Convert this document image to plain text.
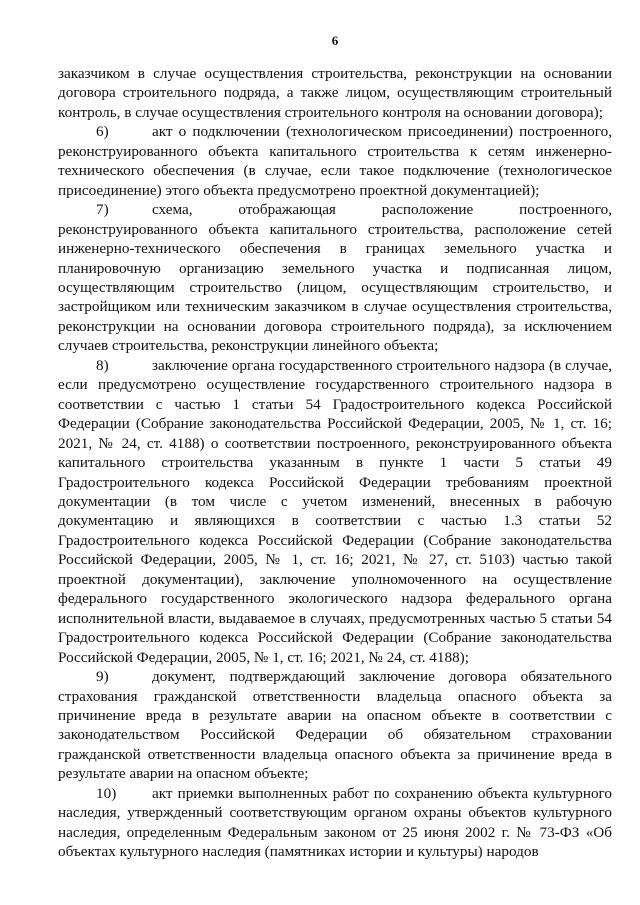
6

заказчиком в случае осуществления строительства, реконструкции на основании договора строительного подряда, а также лицом, осуществляющим строительный контроль, в случае осуществления строительного контроля на основании договора);

6)	акт о подключении (технологическом присоединении) построенного, реконструированного объекта капитального строительства к сетям инженерно-технического обеспечения (в случае, если такое подключение (технологическое присоединение) этого объекта предусмотрено проектной документацией);

7)	схема, отображающая расположение построенного, реконструированного объекта капитального строительства, расположение сетей инженерно-технического обеспечения в границах земельного участка и планировочную организацию земельного участка и подписанная лицом, осуществляющим строительство (лицом, осуществляющим строительство, и застройщиком или техническим заказчиком в случае осуществления строительства, реконструкции на основании договора строительного подряда), за исключением случаев строительства, реконструкции линейного объекта;

8)	заключение органа государственного строительного надзора (в случае, если предусмотрено осуществление государственного строительного надзора в соответствии с частью 1 статьи 54 Градостроительного кодекса Российской Федерации (Собрание законодательства Российской Федерации, 2005, № 1, ст. 16; 2021, № 24, ст. 4188) о соответствии построенного, реконструированного объекта капитального строительства указанным в пункте 1 части 5 статьи 49 Градостроительного кодекса Российской Федерации требованиям проектной документации (в том числе с учетом изменений, внесенных в рабочую документацию и являющихся в соответствии с частью 1.3 статьи 52 Градостроительного кодекса Российской Федерации (Собрание законодательства Российской Федерации, 2005, № 1, ст. 16; 2021, № 27, ст. 5103) частью такой проектной документации), заключение уполномоченного на осуществление федерального государственного экологического надзора федерального органа исполнительной власти, выдаваемое в случаях, предусмотренных частью 5 статьи 54 Градостроительного кодекса Российской Федерации (Собрание законодательства Российской Федерации, 2005, № 1, ст. 16; 2021, № 24, ст. 4188);

9)	документ, подтверждающий заключение договора обязательного страхования гражданской ответственности владельца опасного объекта за причинение вреда в результате аварии на опасном объекте в соответствии с законодательством Российской Федерации об обязательном страховании гражданской ответственности владельца опасного объекта за причинение вреда в результате аварии на опасном объекте;

10) акт приемки выполненных работ по сохранению объекта культурного наследия, утвержденный соответствующим органом охраны объектов культурного наследия, определенным Федеральным законом от 25 июня 2002 г. № 73-ФЗ «Об объектах культурного наследия (памятниках истории и культуры) народов
